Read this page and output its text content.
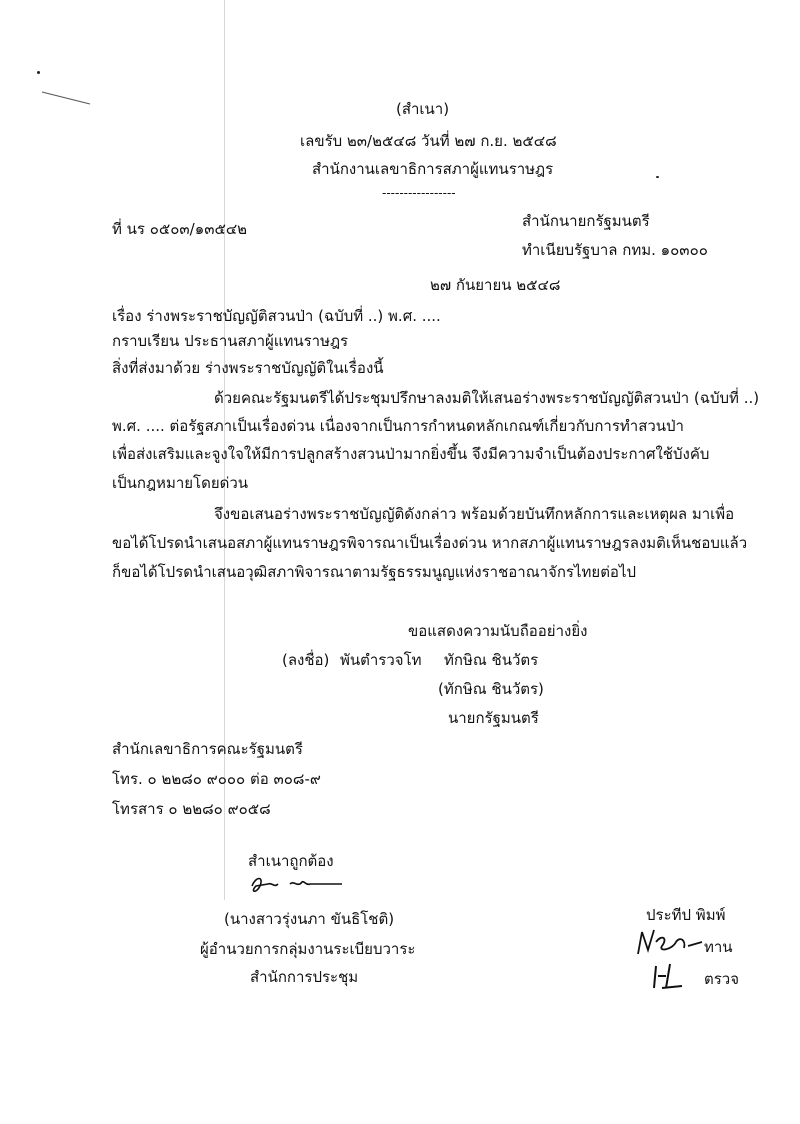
(สำเนา)
เลขรับ ๒๓/๒๕๔๘ วันที่ ๒๗ ก.ย. ๒๕๔๘
สำนักงานเลขาธิการสภาผู้แทนราษฎร
-----------------
ที่ นร ๐๕๐๓/๑๓๕๔๒	สำนักนายกรัฐมนตรี
ทำเนียบรัฐบาล กทม. ๑๐๓๐๐
๒๗ กันยายน ๒๕๔๘
เรื่อง ร่างพระราชบัญญัติสวนป่า (ฉบับที่ ..) พ.ศ. ....
กราบเรียน ประธานสภาผู้แทนราษฎร
สิ่งที่ส่งมาด้วย ร่างพระราชบัญญัติในเรื่องนี้
ด้วยคณะรัฐมนตรีได้ประชุมปรึกษาลงมติให้เสนอร่างพระราชบัญญัติสวนป่า (ฉบับที่ ..)
พ.ศ. .... ต่อรัฐสภาเป็นเรื่องด่วน เนื่องจากเป็นการกำหนดหลักเกณฑ์เกี่ยวกับการทำสวนป่า
เพื่อส่งเสริมและจูงใจให้มีการปลูกสร้างสวนป่ามากยิ่งขึ้น จึงมีความจำเป็นต้องประกาศใช้บังคับ
เป็นกฎหมายโดยด่วน
จึงขอเสนอร่างพระราชบัญญัติดังกล่าว พร้อมด้วยบันทึกหลักการและเหตุผล มาเพื่อ
ขอได้โปรดนำเสนอสภาผู้แทนราษฎรพิจารณาเป็นเรื่องด่วน หากสภาผู้แทนราษฎรลงมติเห็นชอบแล้ว
ก็ขอได้โปรดนำเสนอวุฒิสภาพิจารณาตามรัฐธรรมนูญแห่งราชอาณาจักรไทยต่อไป
ขอแสดงความนับถืออย่างยิ่ง
(ลงชื่อ) พันตำรวจโท ทักษิณ ชินวัตร
(ทักษิณ ชินวัตร)
นายกรัฐมนตรี
สำนักเลขาธิการคณะรัฐมนตรี
โทร. ๐ ๒๒๘๐ ๙๐๐๐ ต่อ ๓๐๘-๙
โทรสาร ๐ ๒๒๘๐ ๙๐๕๘
สำเนาถูกต้อง
(นางสาวรุ่งนภา ขันธิโชติ)
ผู้อำนวยการกลุ่มงานระเบียบวาระ
สำนักการประชุม
ประทีป พิมพ์
ทาน
ตรวจ
